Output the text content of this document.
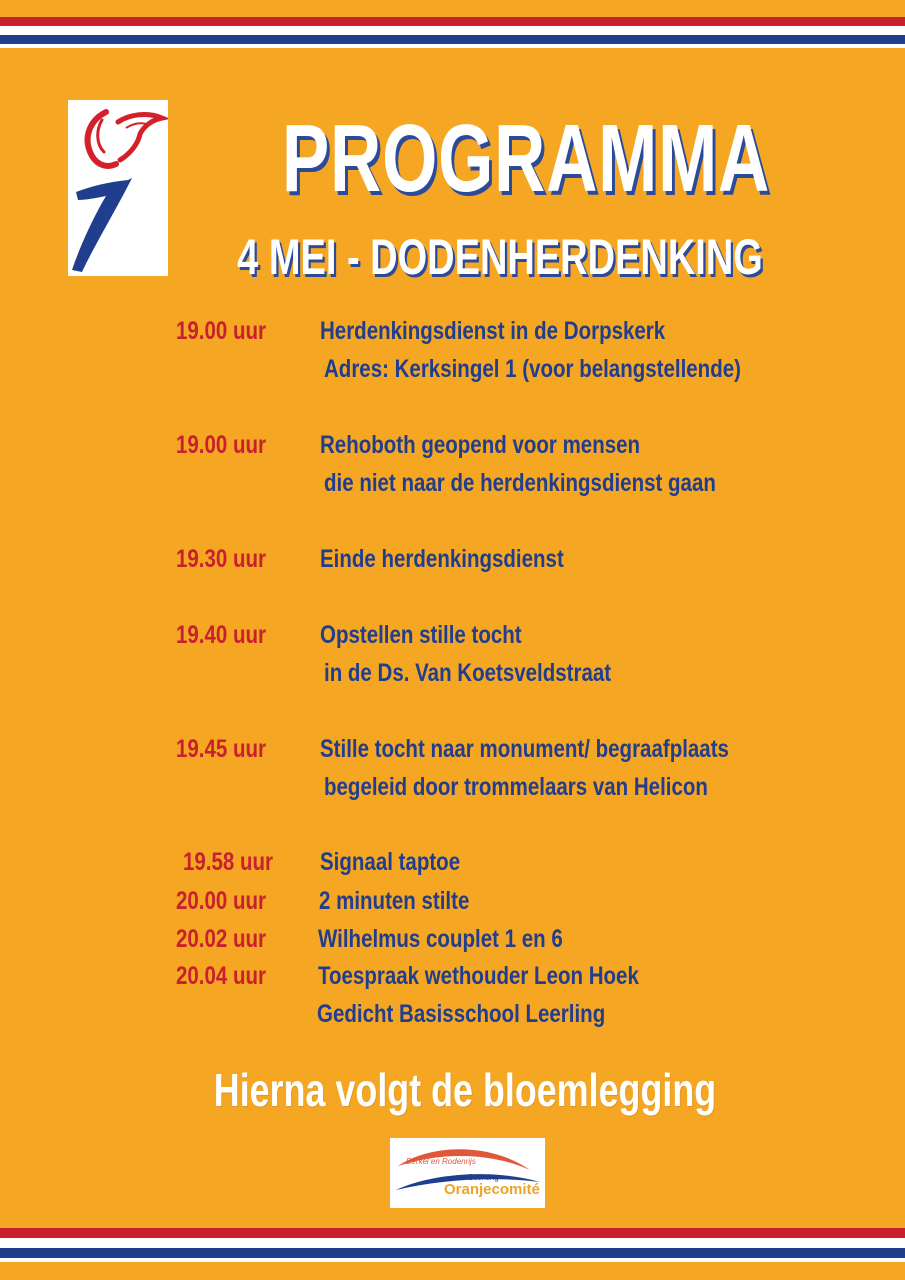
PROGRAMMA
4 MEI - DODENHERDENKING
19.00 uur Herdenkingsdienst in de Dorpskerk
Adres: Kerksingel 1 (voor belangstellende)
19.00 uur Rehoboth geopend voor mensen
die niet naar de herdenkingsdienst gaan
19.30 uur Einde herdenkingsdienst
19.40 uur Opstellen stille tocht
in de Ds. Van Koetsveldstraat
19.45 uur Stille tocht naar monument/ begraafplaats
begeleid door trommelaars van Helicon
19.58 uur Signaal taptoe
20.00 uur 2 minuten stilte
20.02 uur Wilhelmus couplet 1 en 6
20.04 uur Toespraak wethouder Leon Hoek
Gedicht Basisschool Leerling

Hierna volgt de bloemlegging

Berkel en Rodenrijs
Stichting
Oranjecomité
